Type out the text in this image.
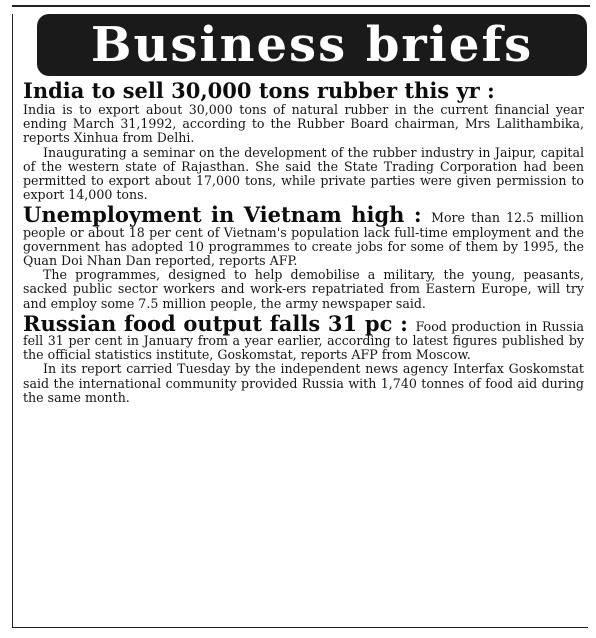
Business briefs

India to sell 30,000 tons rubber this yr :
India is to export about 30,000 tons of natural rubber in the current financial year ending March 31,1992, according to the Rubber Board chairman, Mrs Lalithambika, reports Xinhua from Delhi.

Inaugurating a seminar on the development of the rubber industry in Jaipur, capital of the western state of Rajasthan. She said the State Trading Corporation had been permitted to export about 17,000 tons, while private parties were given permission to export 14,000 tons.

Unemployment in Vietnam high : More than 12.5 million people or about 18 per cent of Vietnam's population lack full-time employment and the government has adopted 10 programmes to create jobs for some of them by 1995, the Quan Doi Nhan Dan reported, reports AFP.

The programmes, designed to help demobilise a military, the young, peasants, sacked public sector workers and work-ers repatriated from Eastern Europe, will try and employ some 7.5 million people, the army newspaper said.

Russian food output falls 31 pc : Food production in Russia fell 31 per cent in January from a year earlier, according to latest figures published by the official statistics institute, Goskomstat, reports AFP from Moscow.

In its report carried Tuesday by the independent news agency Interfax Goskomstat said the international community provided Russia with 1,740 tonnes of food aid during the same month.
